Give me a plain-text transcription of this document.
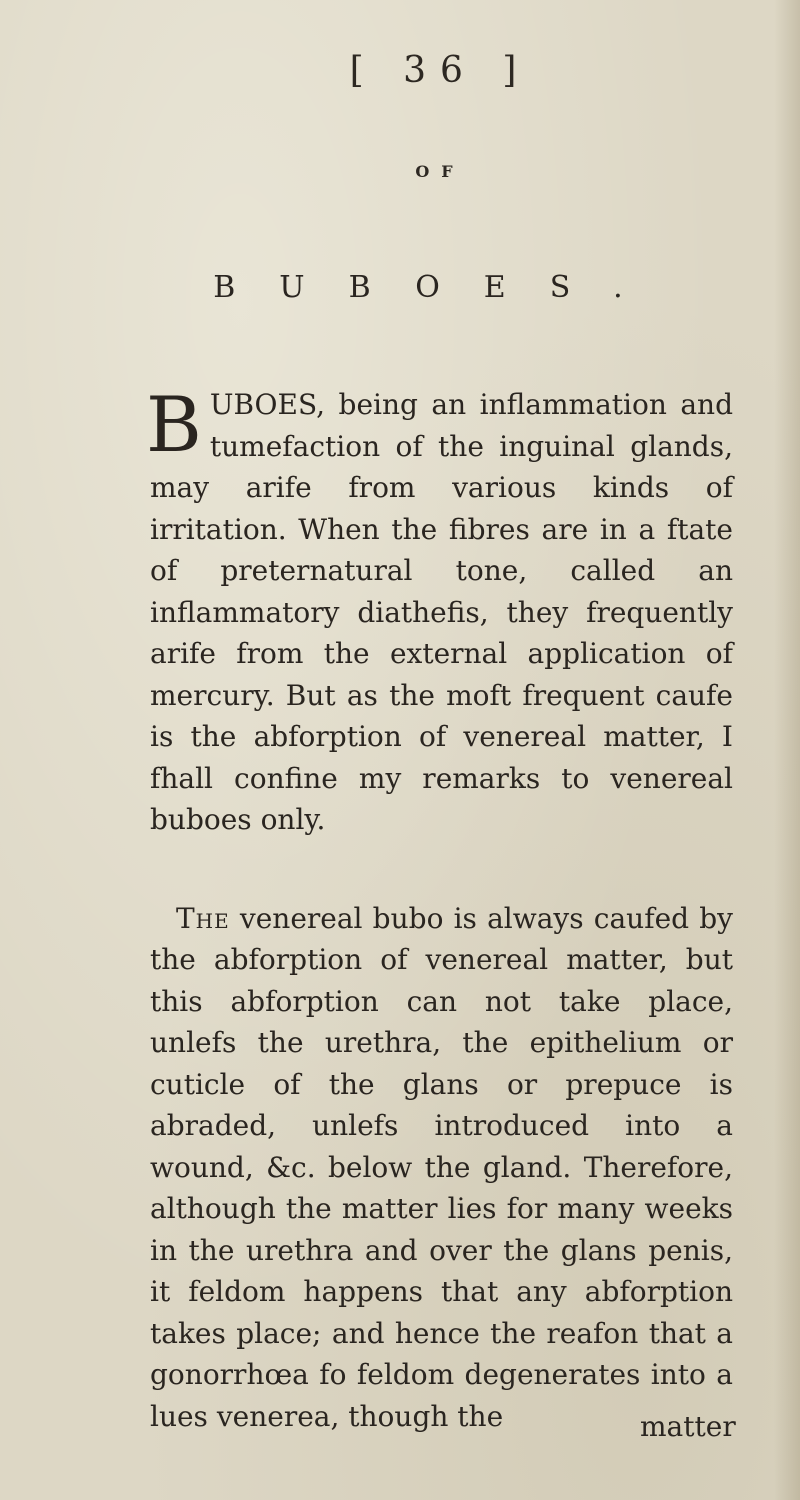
[ 36 ]
OF
BUBOES.

BUBOES, being an inflammation and tumefaction of the inguinal glands, may arife from various kinds of irritation. When the fibres are in a ftate of preternatural tone, called an inflammatory diathefis, they frequently arife from the external application of mercury. But as the moft frequent caufe is the abforption of venereal matter, I fhall confine my remarks to venereal buboes only.

The venereal bubo is always caufed by the abforption of venereal matter, but this abforption can not take place, unlefs the urethra, the epithelium or cuticle of the glans or prepuce is abraded, unlefs introduced into a wound, &c. below the gland. Therefore, although the matter lies for many weeks in the urethra and over the glans penis, it feldom happens that any abforption takes place; and hence the reafon that a gonorrhœa fo feldom degenerates into a lues venerea, though the	matter
